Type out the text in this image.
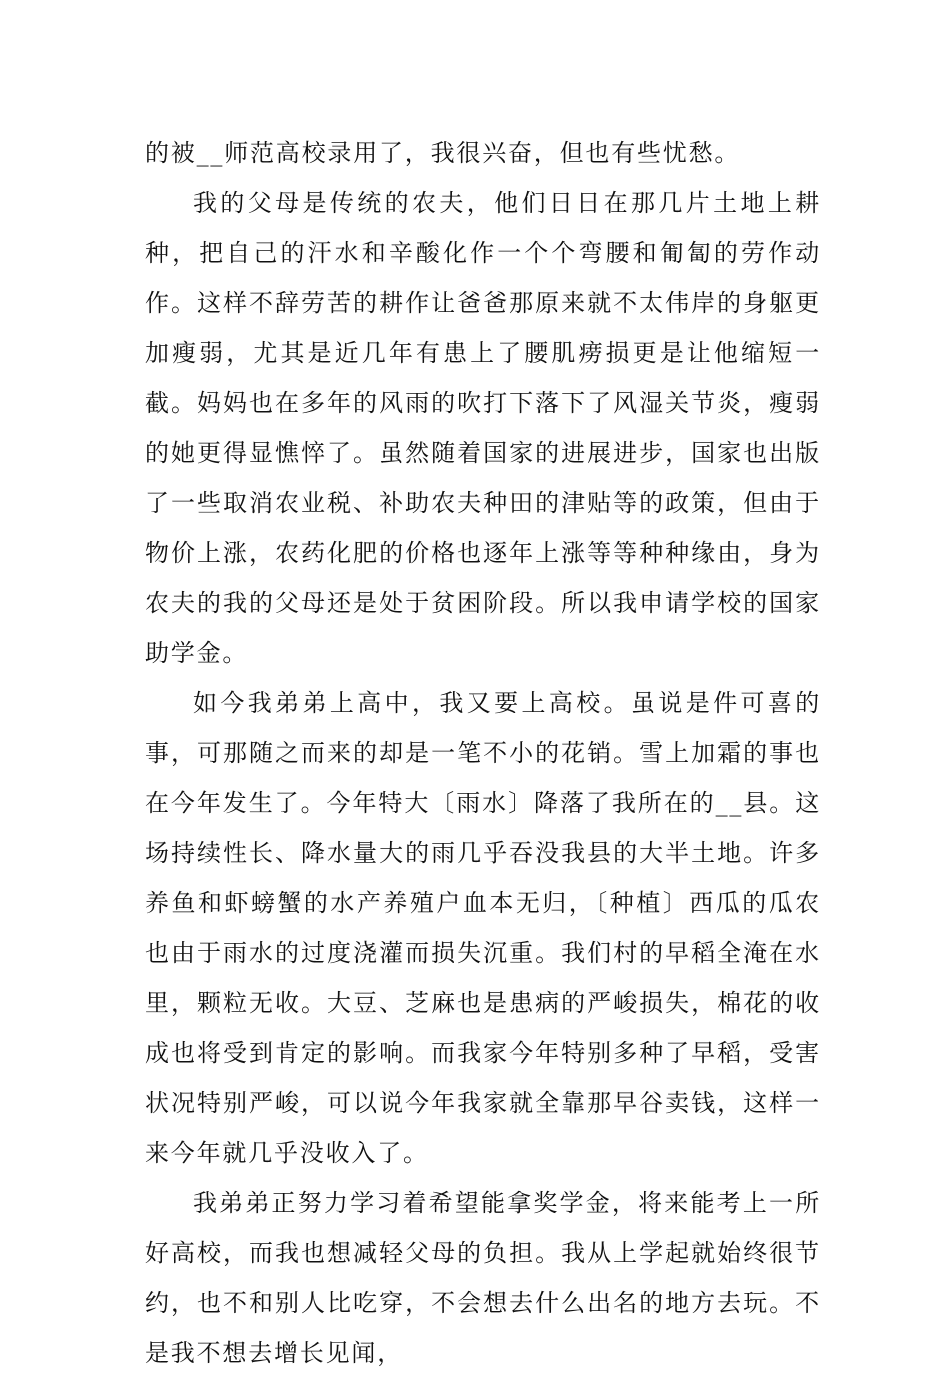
的被__师范高校录用了，我很兴奋，但也有些忧愁。

我的父母是传统的农夫，他们日日在那几片土地上耕种，把自己的汗水和辛酸化作一个个弯腰和匍匐的劳作动作。这样不辞劳苦的耕作让爸爸那原来就不太伟岸的身躯更加瘦弱，尤其是近几年有患上了腰肌痨损更是让他缩短一截。妈妈也在多年的风雨的吹打下落下了风湿关节炎，瘦弱的她更得显憔悴了。虽然随着国家的进展进步，国家也出版了一些取消农业税、补助农夫种田的津贴等的政策，但由于物价上涨，农药化肥的价格也逐年上涨等等种种缘由，身为农夫的我的父母还是处于贫困阶段。所以我申请学校的国家助学金。

如今我弟弟上高中，我又要上高校。虽说是件可喜的事，可那随之而来的却是一笔不小的花销。雪上加霜的事也在今年发生了。今年特大〔雨水〕降落了我所在的__县。这场持续性长、降水量大的雨几乎吞没我县的大半土地。许多养鱼和虾螃蟹的水产养殖户血本无归，〔种植〕西瓜的瓜农也由于雨水的过度浇灌而损失沉重。我们村的早稻全淹在水里，颗粒无收。大豆、芝麻也是患病的严峻损失，棉花的收成也将受到肯定的影响。而我家今年特别多种了早稻，受害状况特别严峻，可以说今年我家就全靠那早谷卖钱，这样一来今年就几乎没收入了。

我弟弟正努力学习着希望能拿奖学金，将来能考上一所好高校，而我也想减轻父母的负担。我从上学起就始终很节约，也不和别人比吃穿，不会想去什么出名的地方去玩。不是我不想去增长见闻，
